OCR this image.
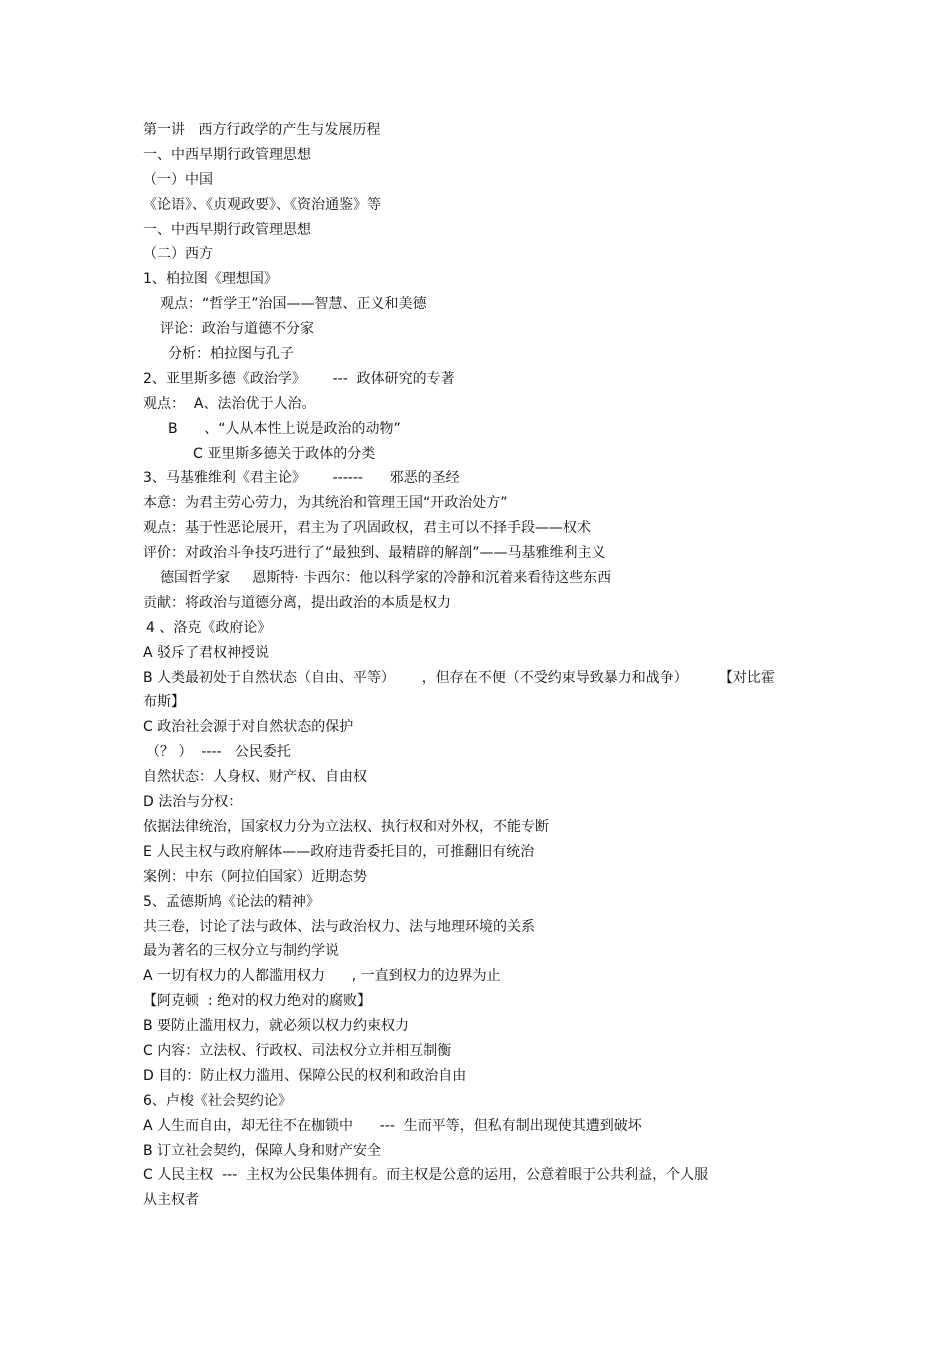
第一讲   西方行政学的产生与发展历程
一、中西早期行政管理思想
（一）中国
《论语》、《贞观政要》、《资治通鉴》等
一、中西早期行政管理思想
（二）西方
1、柏拉图《理想国》
观点：“哲学王”治国——智慧、正义和美德
评论：政治与道德不分家
分析：柏拉图与孔子
2、亚里斯多德《政治学》      ---  政体研究的专著
观点：  A、法治优于人治。
B      、“人从本性上说是政治的动物”
C 亚里斯多德关于政体的分类
3、马基雅维利《君主论》      ------      邪恶的圣经
本意：为君主劳心劳力，为其统治和管理王国“开政治处方”
观点：基于性恶论展开，君主为了巩固政权，君主可以不择手段——权术
评价：对政治斗争技巧进行了“最独到、最精辟的解剖”——马基雅维利主义
德国哲学家     恩斯特· 卡西尔：他以科学家的冷静和沉着来看待这些东西
贡献：将政治与道德分离，提出政治的本质是权力
4 、洛克《政府论》
A 驳斥了君权神授说
B 人类最初处于自然状态（自由、平等）      ，但存在不便（不受约束导致暴力和战争）       【对比霍
布斯】
C 政治社会源于对自然状态的保护
（？ ）  ----   公民委托
自然状态：人身权、财产权、自由权
D 法治与分权：
依据法律统治，国家权力分为立法权、执行权和对外权，不能专断
E 人民主权与政府解体——政府违背委托目的，可推翻旧有统治
案例：中东（阿拉伯国家）近期态势
5、孟德斯鸠《论法的精神》
共三卷，讨论了法与政体、法与政治权力、法与地理环境的关系
最为著名的三权分立与制约学说
A 一切有权力的人都滥用权力      , 一直到权力的边界为止
【阿克顿  : 绝对的权力绝对的腐败】
B 要防止滥用权力，就必须以权力约束权力
C 内容：立法权、行政权、司法权分立并相互制衡
D 目的：防止权力滥用、保障公民的权利和政治自由
6、卢梭《社会契约论》
A 人生而自由，却无往不在枷锁中      ---  生而平等，但私有制出现使其遭到破坏
B 订立社会契约，保障人身和财产安全
C 人民主权  ---  主权为公民集体拥有。而主权是公意的运用，公意着眼于公共利益，个人服
从主权者
